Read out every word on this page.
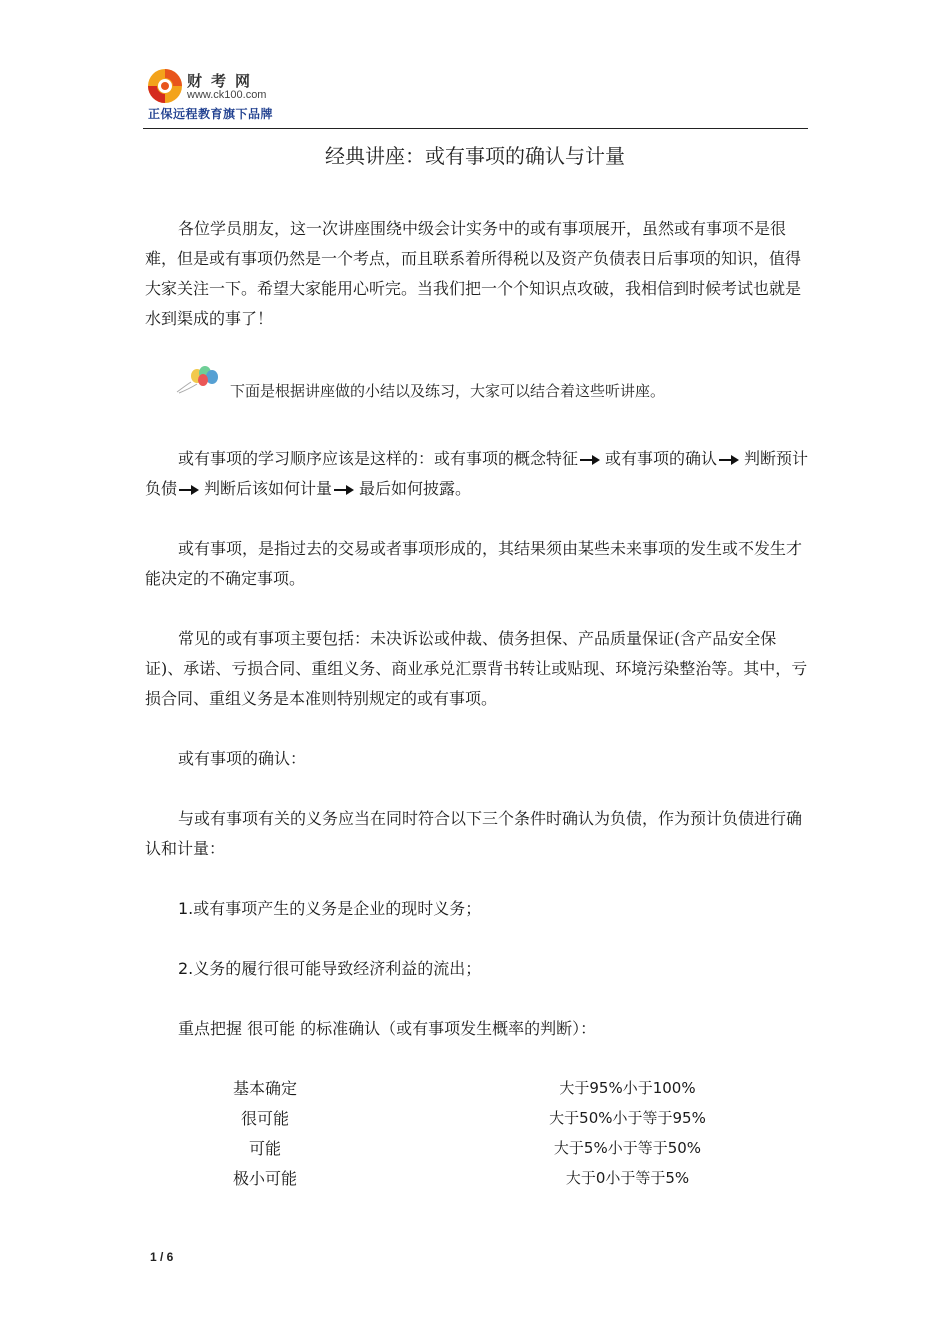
财考网
www.ck100.com
正保远程教育旗下品牌
经典讲座：或有事项的确认与计量

各位学员朋友，这一次讲座围绕中级会计实务中的或有事项展开，虽然或有事项不是很难，但是或有事项仍然是一个考点，而且联系着所得税以及资产负债表日后事项的知识，值得大家关注一下。希望大家能用心听完。当我们把一个个知识点攻破，我相信到时候考试也就是水到渠成的事了！

下面是根据讲座做的小结以及练习，大家可以结合着这些听讲座。

或有事项的学习顺序应该是这样的：或有事项的概念特征 或有事项的确认 判断预计负债 判断后该如何计量 最后如何披露。

或有事项，是指过去的交易或者事项形成的，其结果须由某些未来事项的发生或不发生才能决定的不确定事项。

常见的或有事项主要包括：未决诉讼或仲裁、债务担保、产品质量保证(含产品安全保证)、承诺、亏损合同、重组义务、商业承兑汇票背书转让或贴现、环境污染整治等。其中，亏损合同、重组义务是本准则特别规定的或有事项。

或有事项的确认：

与或有事项有关的义务应当在同时符合以下三个条件时确认为负债，作为预计负债进行确认和计量：

1.或有事项产生的义务是企业的现时义务；

2.义务的履行很可能导致经济利益的流出；

重点把握 很可能 的标准确认（或有事项发生概率的判断）：

基本确定	大于95%小于100%
很可能	大于50%小于等于95%
可能	大于5%小于等于50%
极小可能	大于0小于等于5%
1 / 6
